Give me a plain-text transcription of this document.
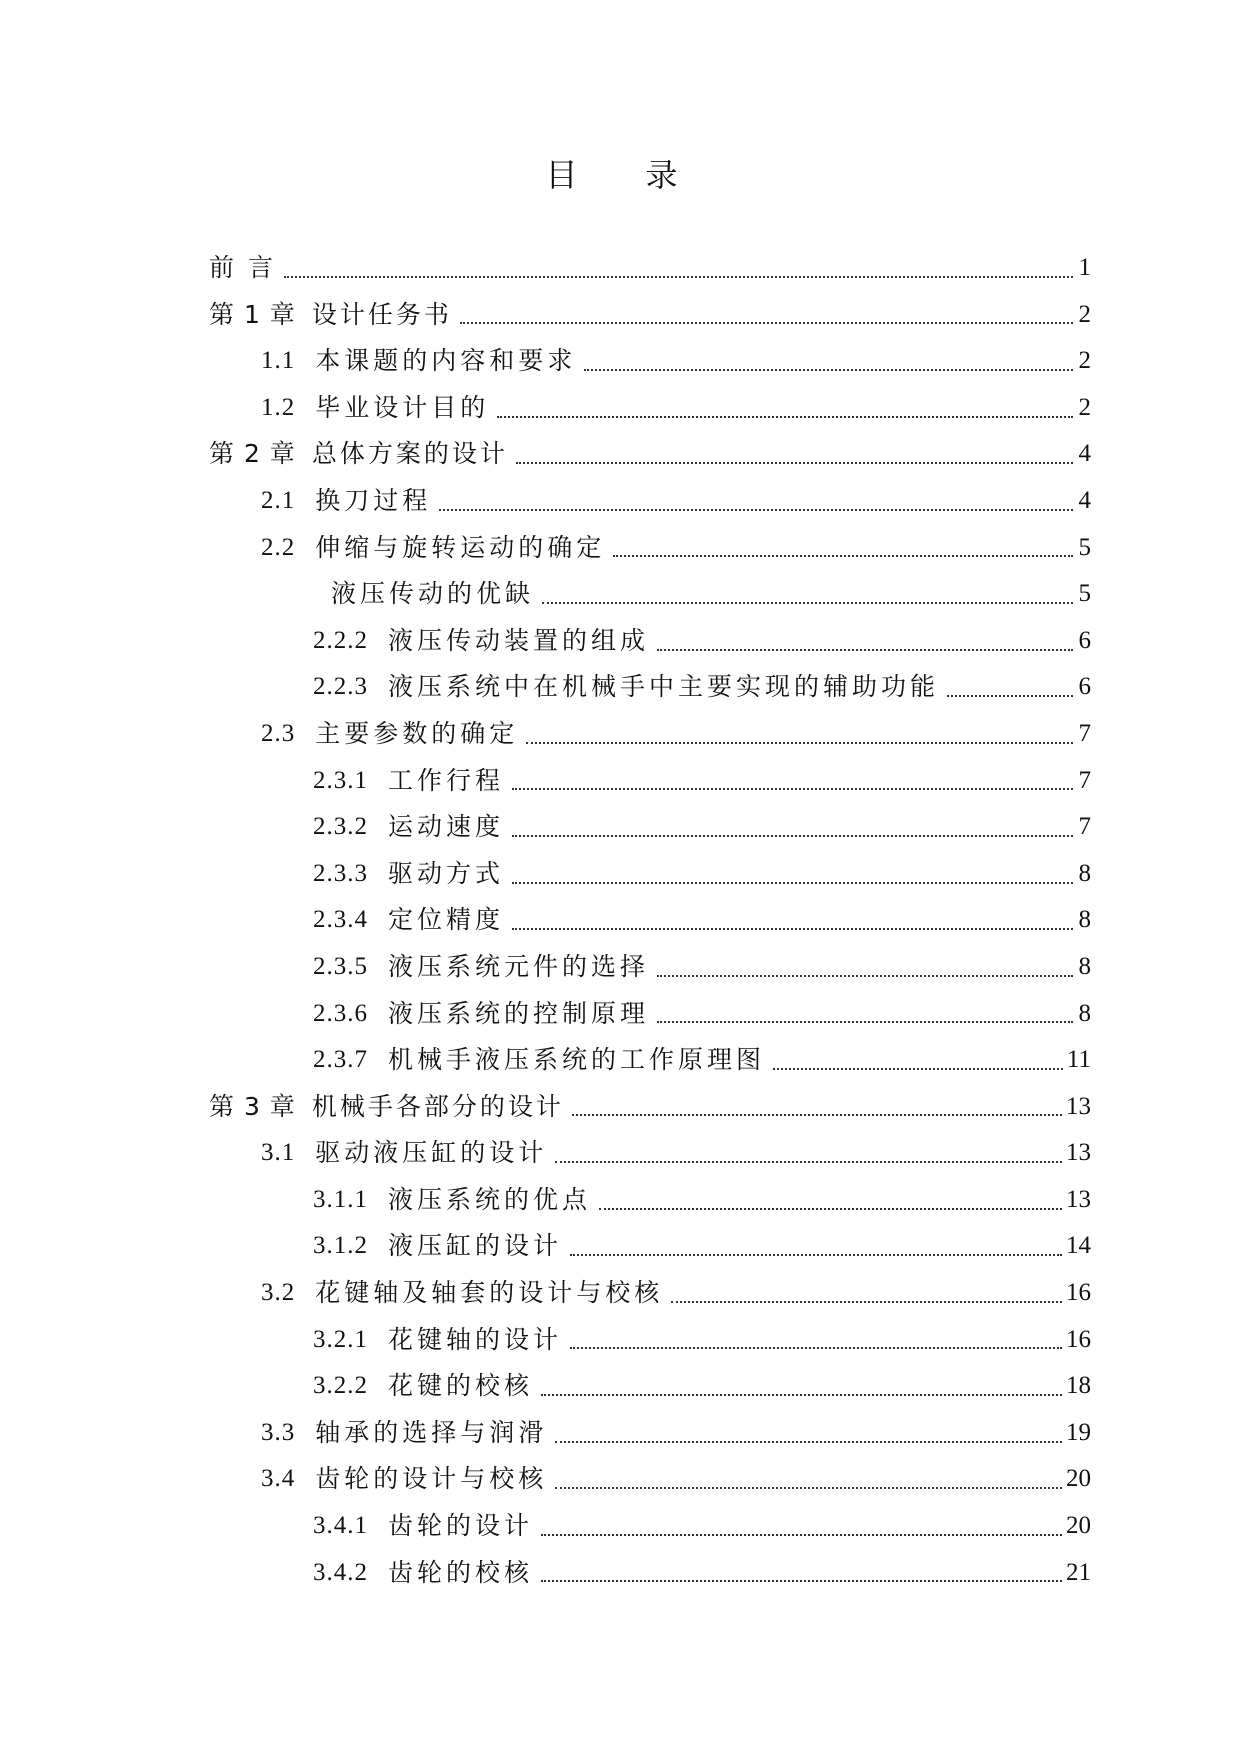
目　录
前 言	1
第 1 章 设计任务书	2
1.1 本课题的内容和要求	2
1.2 毕业设计目的	2
第 2 章 总体方案的设计	4
2.1 换刀过程	4
2.2 伸缩与旋转运动的确定	5
液压传动的优缺	5
2.2.2 液压传动装置的组成	6
2.2.3 液压系统中在机械手中主要实现的辅助功能	6
2.3 主要参数的确定	7
2.3.1 工作行程	7
2.3.2 运动速度	7
2.3.3 驱动方式	8
2.3.4 定位精度	8
2.3.5 液压系统元件的选择	8
2.3.6 液压系统的控制原理	8
2.3.7 机械手液压系统的工作原理图	11
第 3 章 机械手各部分的设计	13
3.1 驱动液压缸的设计	13
3.1.1 液压系统的优点	13
3.1.2 液压缸的设计	14
3.2 花键轴及轴套的设计与校核	16
3.2.1 花键轴的设计	16
3.2.2 花键的校核	18
3.3 轴承的选择与润滑	19
3.4 齿轮的设计与校核	20
3.4.1 齿轮的设计	20
3.4.2 齿轮的校核	21
